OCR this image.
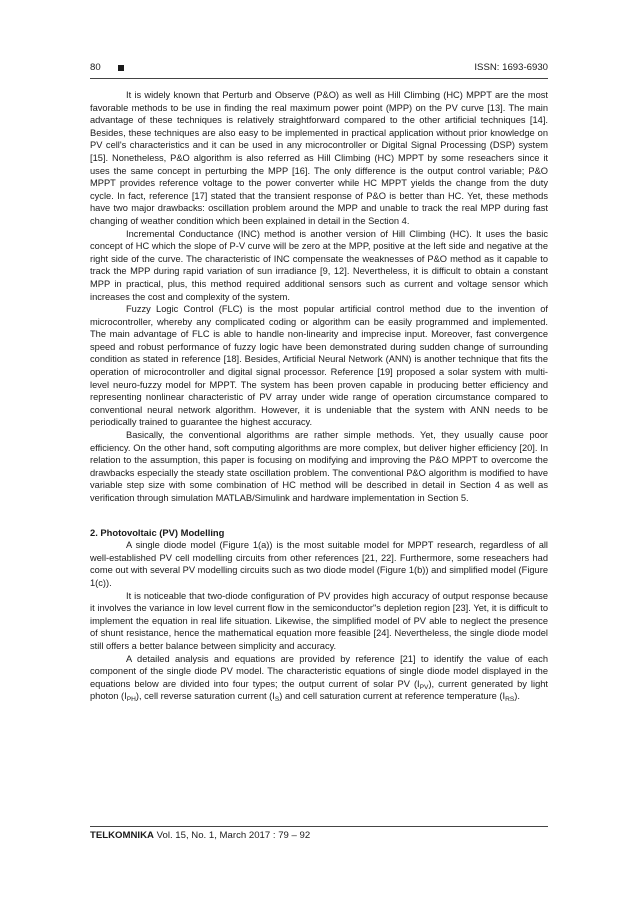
80	ISSN: 1693-6930

It is widely known that Perturb and Observe (P&O) as well as Hill Climbing (HC) MPPT are the most favorable methods to be use in finding the real maximum power point (MPP) on the PV curve [13]. The main advantage of these techniques is relatively straightforward compared to the other artificial techniques [14]. Besides, these techniques are also easy to be implemented in practical application without prior knowledge on PV cell's characteristics and it can be used in any microcontroller or Digital Signal Processing (DSP) system [15]. Nonetheless, P&O algorithm is also referred as Hill Climbing (HC) MPPT by some reseachers since it uses the same concept in perturbing the MPP [16]. The only difference is the output control variable; P&O MPPT provides reference voltage to the power converter while HC MPPT yields the change from the duty cycle. In fact, reference [17] stated that the transient response of P&O is better than HC. Yet, these methods have two major drawbacks: oscillation problem around the MPP and unable to track the real MPP during fast changing of weather condition which been explained in detail in the Section 4.

Incremental Conductance (INC) method is another version of Hill Climbing (HC). It uses the basic concept of HC which the slope of P-V curve will be zero at the MPP, positive at the left side and negative at the right side of the curve. The characteristic of INC compensate the weaknesses of P&O method as it capable to track the MPP during rapid variation of sun irradiance [9, 12]. Nevertheless, it is difficult to obtain a constant MPP in practical, plus, this method required additional sensors such as current and voltage sensor which increases the cost and complexity of the system.

Fuzzy Logic Control (FLC) is the most popular artificial control method due to the invention of microcontroller, whereby any complicated coding or algorithm can be easily programmed and implemented. The main advantage of FLC is able to handle non-linearity and imprecise input. Moreover, fast convergence speed and robust performance of fuzzy logic have been demonstrated during sudden change of surrounding condition as stated in reference [18]. Besides, Artificial Neural Network (ANN) is another technique that fits the operation of microcontroller and digital signal processor. Reference [19] proposed a solar system with multi-level neuro-fuzzy model for MPPT. The system has been proven capable in producing better efficiency and representing nonlinear characteristic of PV array under wide range of operation circumstance compared to conventional neural network algorithm. However, it is undeniable that the system with ANN needs to be periodically trained to guarantee the highest accuracy.

Basically, the conventional algorithms are rather simple methods. Yet, they usually cause poor efficiency. On the other hand, soft computing algorithms are more complex, but deliver higher efficiency [20]. In relation to the assumption, this paper is focusing on modifying and improving the P&O MPPT to overcome the drawbacks especially the steady state oscillation problem. The conventional P&O algorithm is modified to have variable step size with some combination of HC method will be described in detail in Section 4 as well as verification through simulation MATLAB/Simulink and hardware implementation in Section 5.

2. Photovoltaic (PV) Modelling

A single diode model (Figure 1(a)) is the most suitable model for MPPT research, regardless of all well-established PV cell modelling circuits from other references [21, 22]. Furthermore, some reseachers had come out with several PV modelling circuits such as two diode model (Figure 1(b)) and simplified model (Figure 1(c)).

It is noticeable that two-diode configuration of PV provides high accuracy of output response because it involves the variance in low level current flow in the semiconductor"s depletion region [23]. Yet, it is difficult to implement the equation in real life situation. Likewise, the simplified model of PV able to neglect the presence of shunt resistance, hence the mathematical equation more feasible [24]. Nevertheless, the single diode model still offers a better balance between simplicity and accuracy.

A detailed analysis and equations are provided by reference [21] to identify the value of each component of the single diode PV model. The characteristic equations of single diode model displayed in the equations below are divided into four types; the output current of solar PV $(I_{PV})$, current generated by light photon $(I_{PH})$, cell reverse saturation current $(I_S)$ and cell saturation current at reference temperature $(I_{RS})$.

TELKOMNIKA Vol. 15, No. 1, March 2017 : 79 – 92
